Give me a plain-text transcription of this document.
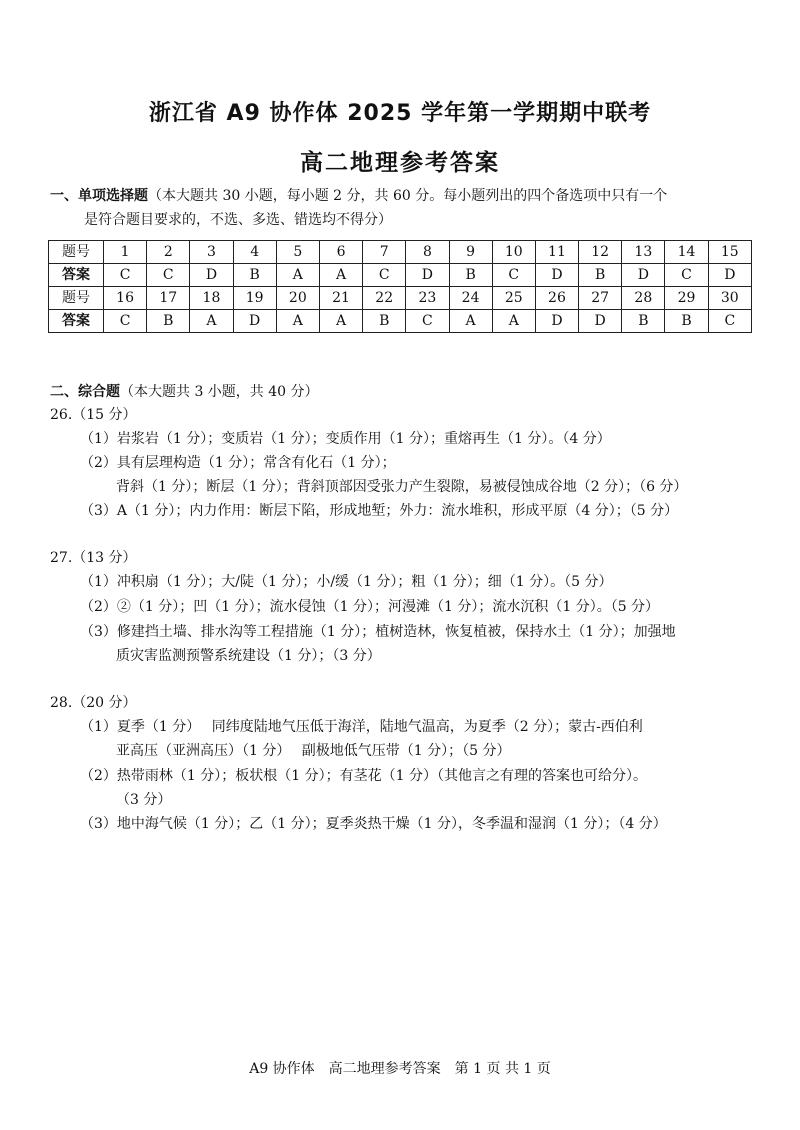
浙江省 A9 协作体 2025 学年第一学期期中联考
高二地理参考答案
一、单项选择题（本大题共 30 小题，每小题 2 分，共 60 分。每小题列出的四个备选项中只有一个
是符合题目要求的，不选、多选、错选均不得分）
题号	1	2	3	4	5	6	7	8	9	10	11	12	13	14	15
答案	C	C	D	B	A	A	C	D	B	C	D	B	D	C	D
题号	16	17	18	19	20	21	22	23	24	25	26	27	28	29	30
答案	C	B	A	D	A	A	B	C	A	A	D	D	B	B	C
二、综合题（本大题共 3 小题，共 40 分）
26.（15 分）
（1）岩浆岩（1 分）；变质岩（1 分）；变质作用（1 分）；重熔再生（1 分）。（4 分）
（2）具有层理构造（1 分）；常含有化石（1 分）；
背斜（1 分）；断层（1 分）；背斜顶部因受张力产生裂隙，易被侵蚀成谷地（2 分）；（6 分）
（3）A（1 分）；内力作用：断层下陷，形成地堑；外力：流水堆积，形成平原（4 分）；（5 分）
27.（13 分）
（1）冲积扇（1 分）；大/陡（1 分）；小/缓（1 分）；粗（1 分）；细（1 分）。（5 分）
（2）②（1 分）；凹（1 分）；流水侵蚀（1 分）；河漫滩（1 分）；流水沉积（1 分）。（5 分）
（3）修建挡土墙、排水沟等工程措施（1 分）；植树造林，恢复植被，保持水土（1 分）；加强地
质灾害监测预警系统建设（1 分）；（3 分）
28.（20 分）
（1）夏季（1 分）　 同纬度陆地气压低于海洋，陆地气温高，为夏季（2 分）；蒙古-西伯利
亚高压（亚洲高压）（1 分）　 副极地低气压带（1 分）；（5 分）
（2）热带雨林（1 分）；板状根（1 分）；有茎花（1 分）（其他言之有理的答案也可给分）。
（3 分）
（3）地中海气候（1 分）；乙（1 分）；夏季炎热干燥（1 分），冬季温和湿润（1 分）；（4 分）
A9 协作体　高二地理参考答案　第 1 页 共 1 页
